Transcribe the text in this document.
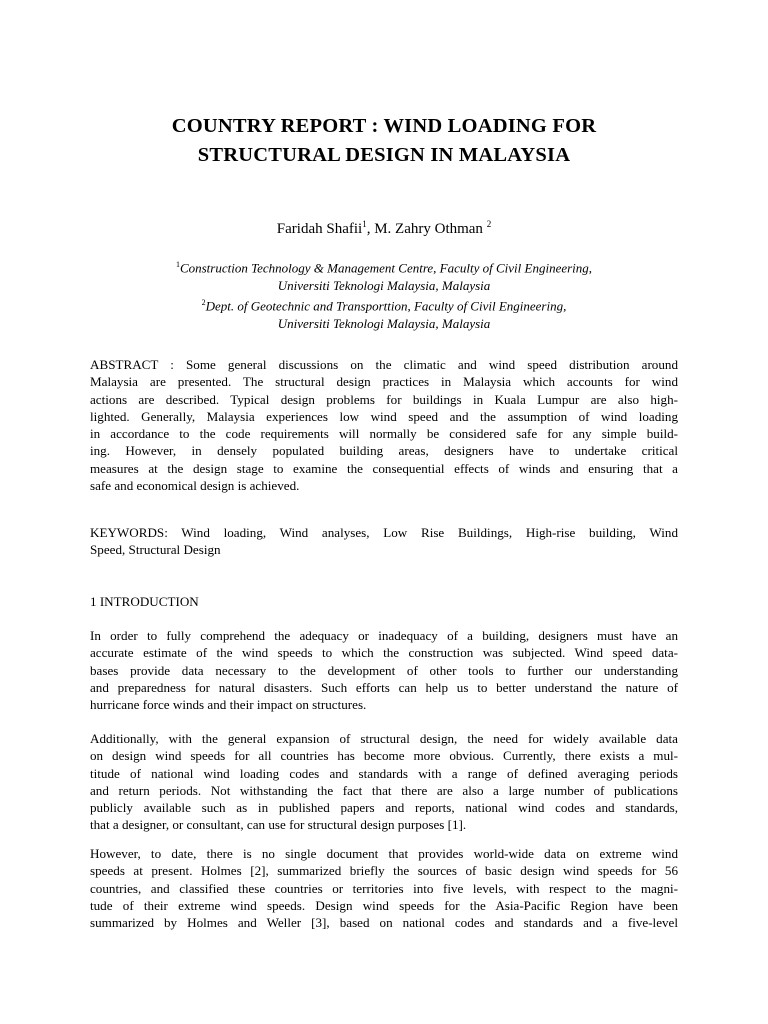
COUNTRY REPORT : WIND LOADING FOR
STRUCTURAL DESIGN IN MALAYSIA
Faridah Shafii$^1$, M. Zahry Othman $^2$
$^1$Construction Technology & Management Centre, Faculty of Civil Engineering,
Universiti Teknologi Malaysia, Malaysia
$^2$Dept. of Geotechnic and Transporttion, Faculty of Civil Engineering,
Universiti Teknologi Malaysia, Malaysia
ABSTRACT : Some general discussions on the climatic and wind speed distribution around
Malaysia are presented. The structural design practices in Malaysia which accounts for wind
actions are described. Typical design problems for buildings in Kuala Lumpur are also high-
lighted. Generally, Malaysia experiences low wind speed and the assumption of wind loading
in accordance to the code requirements will normally be considered safe for any simple build-
ing. However, in densely populated building areas, designers have to undertake critical
measures at the design stage to examine the consequential effects of winds and ensuring that a
safe and economical design is achieved.
KEYWORDS: Wind loading, Wind analyses, Low Rise Buildings, High-rise building, Wind
Speed, Structural Design
1 INTRODUCTION
In order to fully comprehend the adequacy or inadequacy of a building, designers must have an
accurate estimate of the wind speeds to which the construction was subjected. Wind speed data-
bases provide data necessary to the development of other tools to further our understanding
and preparedness for natural disasters. Such efforts can help us to better understand the nature of
hurricane force winds and their impact on structures.
Additionally, with the general expansion of structural design, the need for widely available data
on design wind speeds for all countries has become more obvious. Currently, there exists a mul-
titude of national wind loading codes and standards with a range of defined averaging periods
and return periods. Not withstanding the fact that there are also a large number of publications
publicly available such as in published papers and reports, national wind codes and standards,
that a designer, or consultant, can use for structural design purposes [1].
However, to date, there is no single document that provides world-wide data on extreme wind
speeds at present. Holmes [2], summarized briefly the sources of basic design wind speeds for 56
countries, and classified these countries or territories into five levels, with respect to the magni-
tude of their extreme wind speeds. Design wind speeds for the Asia-Pacific Region have been
summarized by Holmes and Weller [3], based on national codes and standards and a five-level
